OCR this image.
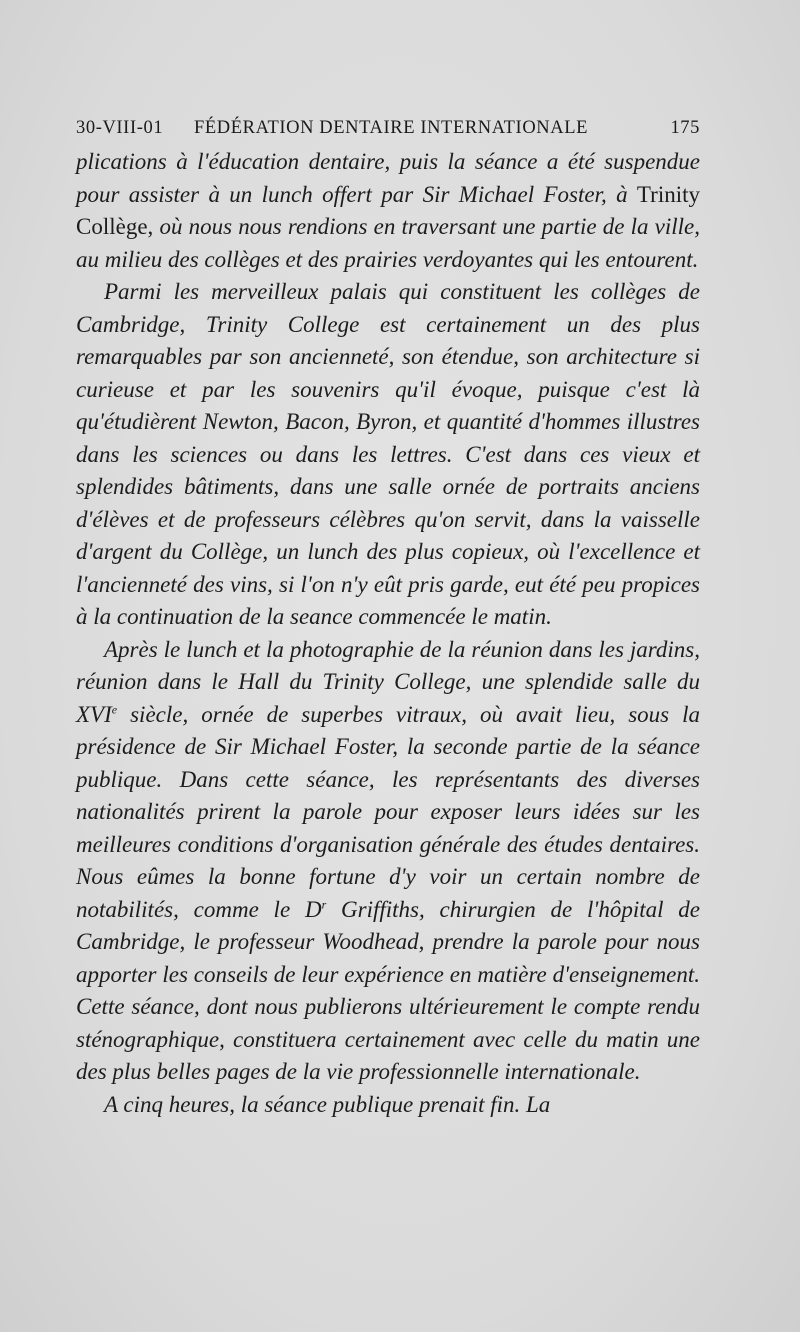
30-VIII-01 FÉDÉRATION DENTAIRE INTERNATIONALE	175

plications à l'éducation dentaire, puis la séance a été suspendue pour assister à un lunch offert par Sir Michael Foster, à Trinity Collège, où nous nous rendions en traversant une partie de la ville, au milieu des collèges et des prairies verdoyantes qui les entourent.

Parmi les merveilleux palais qui constituent les collèges de Cambridge, Trinity College est certainement un des plus remarquables par son ancienneté, son étendue, son architecture si curieuse et par les souvenirs qu'il évoque, puisque c'est là qu'étudièrent Newton, Bacon, Byron, et quantité d'hommes illustres dans les sciences ou dans les lettres. C'est dans ces vieux et splendides bâtiments, dans une salle ornée de portraits anciens d'élèves et de professeurs célèbres qu'on servit, dans la vaisselle d'argent du Collège, un lunch des plus copieux, où l'excellence et l'ancienneté des vins, si l'on n'y eût pris garde, eut été peu propices à la continuation de la seance commencée le matin.

Après le lunch et la photographie de la réunion dans les jardins, réunion dans le Hall du Trinity College, une splendide salle du XVIe siècle, ornée de superbes vitraux, où avait lieu, sous la présidence de Sir Michael Foster, la seconde partie de la séance publique. Dans cette séance, les représentants des diverses nationalités prirent la parole pour exposer leurs idées sur les meilleures conditions d'organisation générale des études dentaires. Nous eûmes la bonne fortune d'y voir un certain nombre de notabilités, comme le $D^r$ Griffiths, chirurgien de l'hôpital de Cambridge, le professeur Woodhead, prendre la parole pour nous apporter les conseils de leur expérience en matière d'enseignement. Cette séance, dont nous publierons ultérieurement le compte rendu sténographique, constituera certainement avec celle du matin une des plus belles pages de la vie professionnelle internationale.

A cinq heures, la séance publique prenait fin. La
